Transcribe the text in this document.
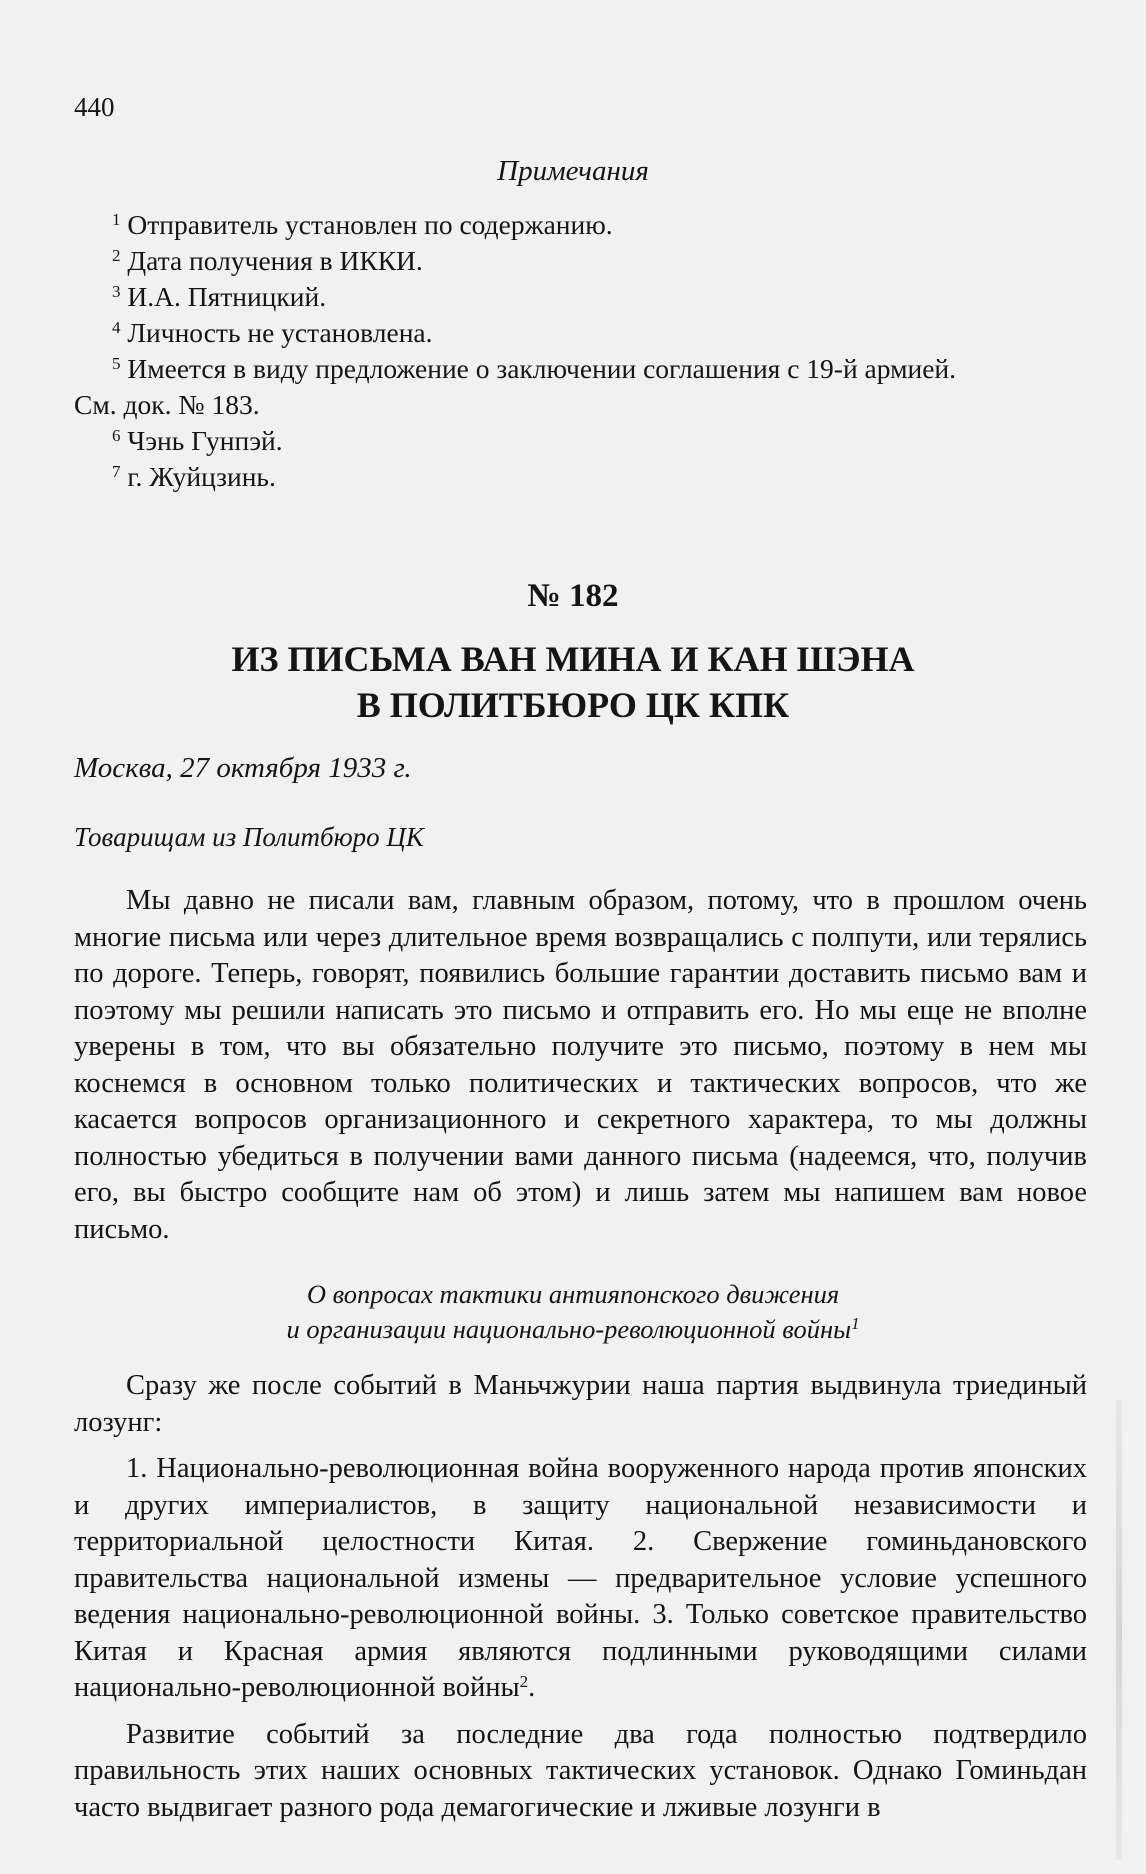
440
Примечания
$^1$ Отправитель установлен по содержанию.
$^2$ Дата получения в ИККИ.
$^3$ И.А. Пятницкий.
$^4$ Личность не установлена.
$^5$ Имеется в виду предложение о заключении соглашения с 19-й армией.
См. док. № 183.
$^6$ Чэнь Гунпэй.
$^7$ г. Жуйцзинь.
№ 182
ИЗ ПИСЬМА ВАН МИНА И КАН ШЭНА
В ПОЛИТБЮРО ЦК КПК
Москва, 27 октября 1933 г.
Товарищам из Политбюро ЦК
Мы давно не писали вам, главным образом, потому, что в прошлом очень многие письма или через длительное время возвращались с полпути, или терялись по дороге. Теперь, говорят, появились большие гарантии доставить письмо вам и поэтому мы решили написать это письмо и отправить его. Но мы еще не вполне уверены в том, что вы обязательно получите это письмо, поэтому в нем мы коснемся в основном только политических и тактических вопросов, что же касается вопросов организационного и секретного характера, то мы должны полностью убедиться в получении вами данного письма (надеемся, что, получив его, вы быстро сообщите нам об этом) и лишь затем мы напишем вам новое письмо.
О вопросах тактики антияпонского движения
и организации национально-революционной войны$^1$

Сразу же после событий в Маньчжурии наша партия выдвинула триединый лозунг:

1. Национально-революционная война вооруженного народа против японских и других империалистов, в защиту национальной независимости и территориальной целостности Китая. 2. Свержение гоминьдановского правительства национальной измены — предварительное условие успешного ведения национально-революционной войны. 3. Только советское правительство Китая и Красная армия являются подлинными руководящими силами национально-революционной войны$^2$.

Развитие событий за последние два года полностью подтвердило правильность этих наших основных тактических установок. Однако Гоминьдан часто выдвигает разного рода демагогические и лживые лозунги в
